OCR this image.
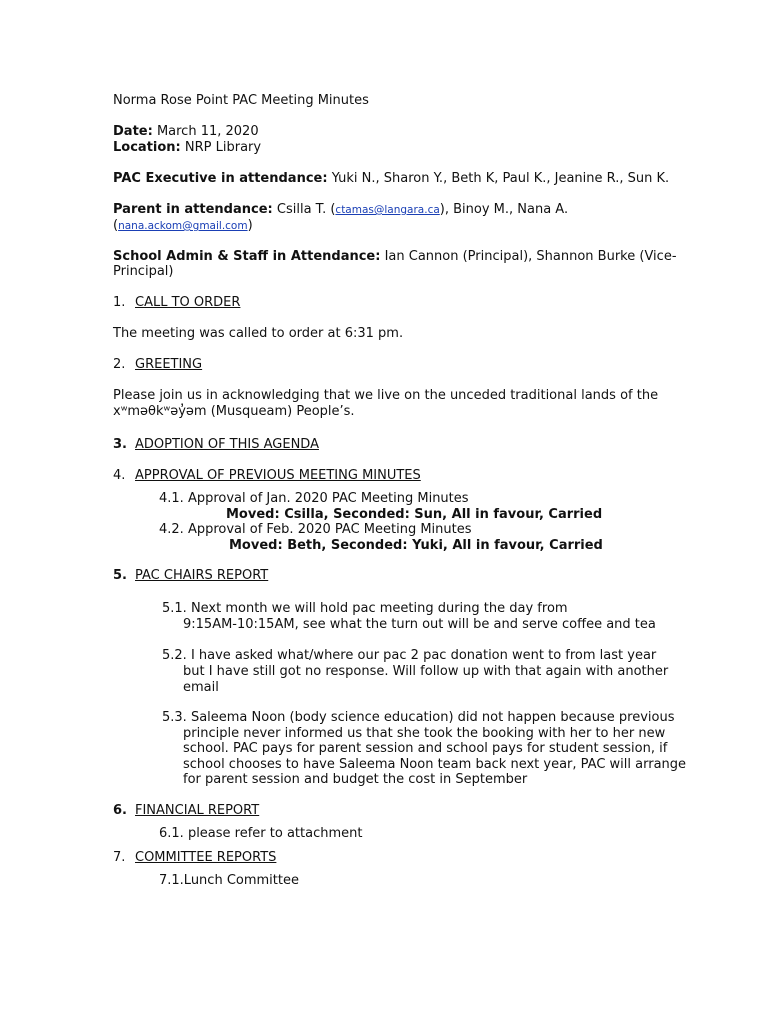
Norma Rose Point PAC Meeting Minutes
Date: March 11, 2020
Location: NRP Library
PAC Executive in attendance: Yuki N., Sharon Y., Beth K, Paul K., Jeanine R., Sun K.
Parent in attendance: Csilla T. (ctamas@langara.ca), Binoy M., Nana A.
(nana.ackom@gmail.com)
School Admin & Staff in Attendance: Ian Cannon (Principal), Shannon Burke (Vice-
Principal)
1. CALL TO ORDER
The meeting was called to order at 6:31 pm.
2. GREETING
Please join us in acknowledging that we live on the unceded traditional lands of the
xʷməθkʷəy̓əm (Musqueam) People’s.
3. ADOPTION OF THIS AGENDA
4. APPROVAL OF PREVIOUS MEETING MINUTES
4.1. Approval of Jan. 2020 PAC Meeting Minutes
Moved: Csilla, Seconded: Sun, All in favour, Carried
4.2. Approval of Feb. 2020 PAC Meeting Minutes
Moved: Beth, Seconded: Yuki, All in favour, Carried
5. PAC CHAIRS REPORT
5.1. Next month we will hold pac meeting during the day from
9:15AM-10:15AM, see what the turn out will be and serve coffee and tea
5.2. I have asked what/where our pac 2 pac donation went to from last year
but I have still got no response. Will follow up with that again with another
email
5.3. Saleema Noon (body science education) did not happen because previous
principle never informed us that she took the booking with her to her new
school. PAC pays for parent session and school pays for student session, if
school chooses to have Saleema Noon team back next year, PAC will arrange
for parent session and budget the cost in September
6. FINANCIAL REPORT
6.1. please refer to attachment
7. COMMITTEE REPORTS
7.1.Lunch Committee
